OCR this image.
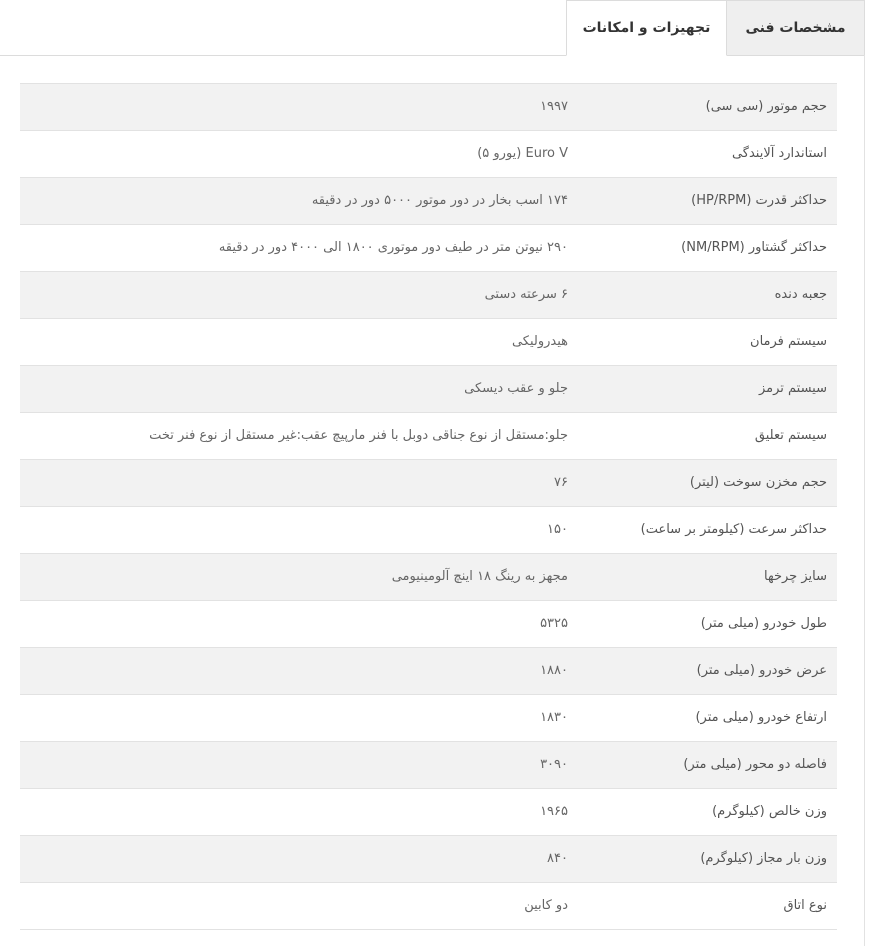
تجهیزات و امکانات	مشخصات فنی
حجم موتور (سی سی)
۱۹۹۷
استاندارد آلایندگی
Euro V (یورو ۵)
حداکثر قدرت (HP/RPM)
۱۷۴ اسب بخار در دور موتور ۵۰۰۰ دور در دقیقه
حداکثر گشتاور (NM/RPM)
۲۹۰ نیوتن متر در طیف دور موتوری ۱۸۰۰ الی ۴۰۰۰ دور در دقیقه
جعبه دنده
۶ سرعته دستی
سیستم فرمان
هیدرولیکی
سیستم ترمز
جلو و عقب دیسکی
سیستم تعلیق
جلو:مستقل از نوع جناقی دوبل با فنر مارپیچ عقب:غیر مستقل از نوع فنر تخت
حجم مخزن سوخت (لیتر)
۷۶
حداکثر سرعت (کیلومتر بر ساعت)
۱۵۰
سایز چرخها
مجهز به رینگ ۱۸ اینچ آلومینیومی
طول خودرو (میلی متر)
۵۳۲۵
عرض خودرو (میلی متر)
۱۸۸۰
ارتفاع خودرو (میلی متر)
۱۸۳۰
فاصله دو محور (میلی متر)
۳۰۹۰
وزن خالص (کیلوگرم)
۱۹۶۵
وزن بار مجاز (کیلوگرم)
۸۴۰
نوع اتاق
دو کابین
